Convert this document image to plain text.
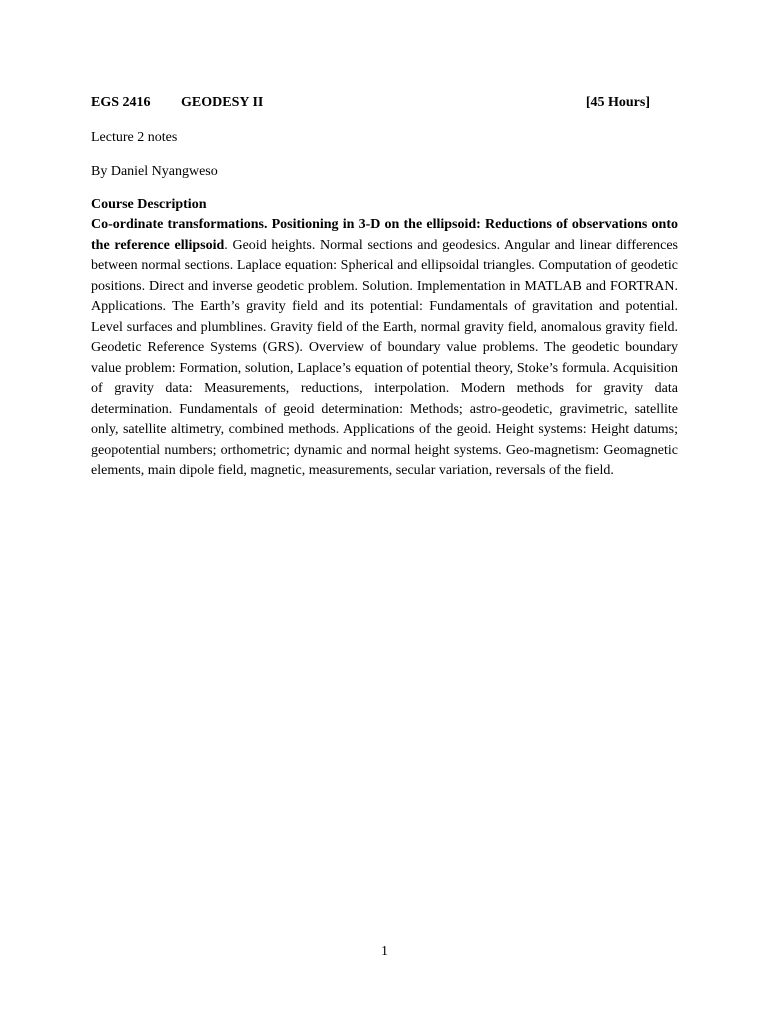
EGS 2416 GEODESY II	[45 Hours]
Lecture 2 notes
By Daniel Nyangweso
Course Description

Co-ordinate transformations. Positioning in 3-D on the ellipsoid: Reductions of observations onto the reference ellipsoid. Geoid heights. Normal sections and geodesics. Angular and linear differences between normal sections. Laplace equation: Spherical and ellipsoidal triangles. Computation of geodetic positions. Direct and inverse geodetic problem. Solution. Implementation in MATLAB and FORTRAN. Applications. The Earth’s gravity field and its potential: Fundamentals of gravitation and potential. Level surfaces and plumblines. Gravity field of the Earth, normal gravity field, anomalous gravity field. Geodetic Reference Systems (GRS). Overview of boundary value problems. The geodetic boundary value problem: Formation, solution, Laplace’s equation of potential theory, Stoke’s formula. Acquisition of gravity data: Measurements, reductions, interpolation. Modern methods for gravity data determination. Fundamentals of geoid determination: Methods; astro-geodetic, gravimetric, satellite only, satellite altimetry, combined methods. Applications of the geoid. Height systems: Height datums; geopotential numbers; orthometric; dynamic and normal height systems. Geo-magnetism: Geomagnetic elements, main dipole field, magnetic, measurements, secular variation, reversals of the field.

1
